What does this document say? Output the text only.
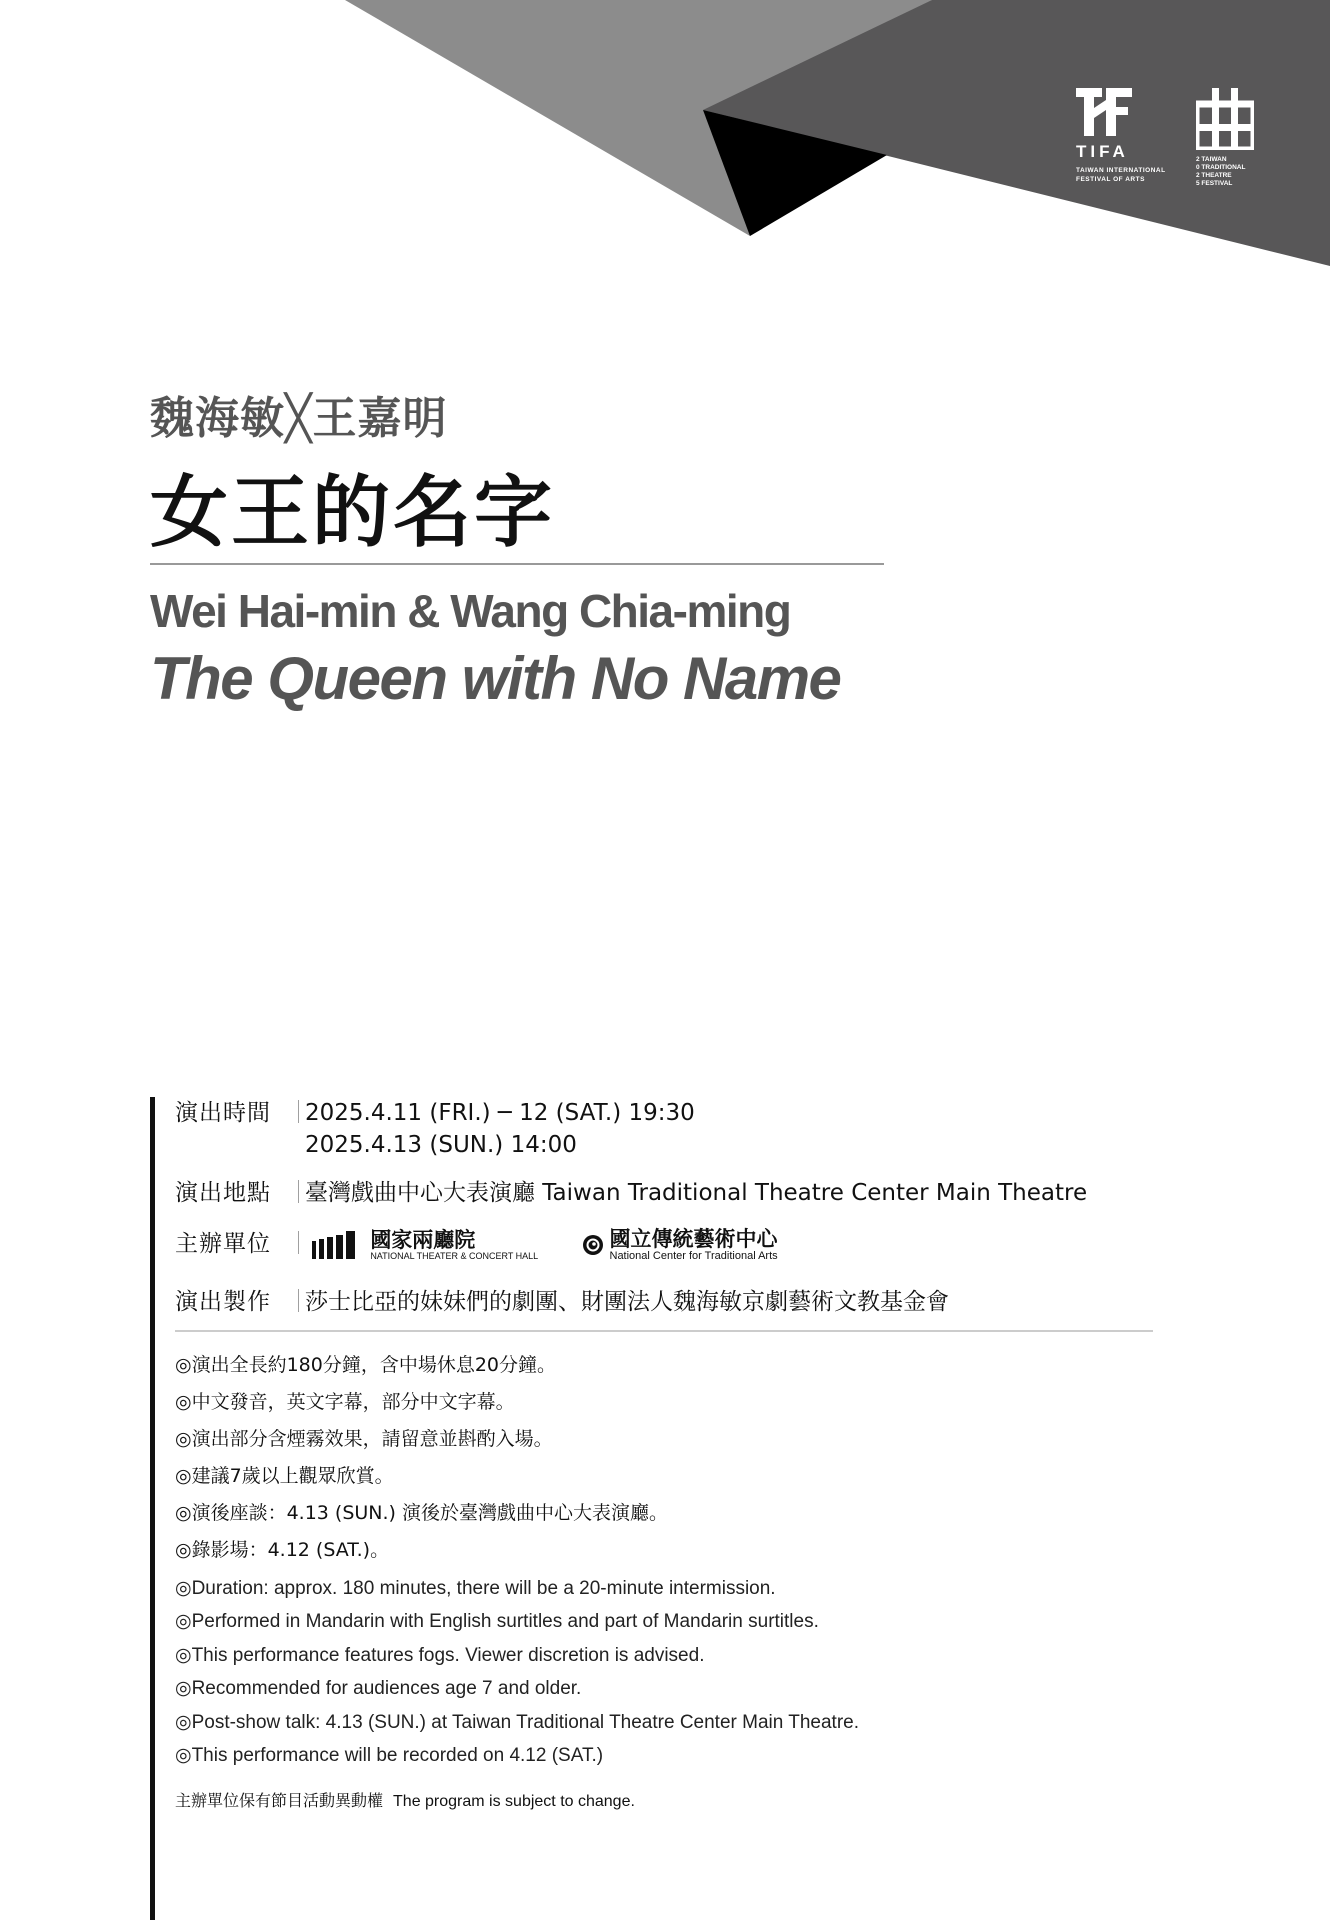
TIFA
TAIWAN INTERNATIONAL
FESTIVAL OF ARTS
2 TAIWAN
0 TRADITIONAL
2 THEATRE
5 FESTIVAL
魏海敏╳王嘉明
女王的名字
Wei Hai-min & Wang Chia-ming
The Queen with No Name
演出時間 ｜2025.4.11 (FRI.) ─ 12 (SAT.) 19:30
2025.4.13 (SUN.) 14:00
演出地點 ｜臺灣戲曲中心大表演廳 Taiwan Traditional Theatre Center Main Theatre
主辦單位 ｜	國家兩廳院
NATIONAL THEATER & CONCERT HALL

國立傳統藝術中心
National Center for Traditional Arts
演出製作 ｜莎士比亞的妹妹們的劇團、財團法人魏海敏京劇藝術文教基金會
◎演出全長約180分鐘，含中場休息20分鐘。
◎中文發音，英文字幕，部分中文字幕。
◎演出部分含煙霧效果，請留意並斟酌入場。
◎建議7歲以上觀眾欣賞。
◎演後座談：4.13 (SUN.) 演後於臺灣戲曲中心大表演廳。
◎錄影場：4.12 (SAT.)。
◎Duration: approx. 180 minutes, there will be a 20-minute intermission.
◎Performed in Mandarin with English surtitles and part of Mandarin surtitles.
◎This performance features fogs. Viewer discretion is advised.
◎Recommended for audiences age 7 and older.
◎Post-show talk: 4.13 (SUN.) at Taiwan Traditional Theatre Center Main Theatre.
◎This performance will be recorded on 4.12 (SAT.)
主辦單位保有節目活動異動權 The program is subject to change.
